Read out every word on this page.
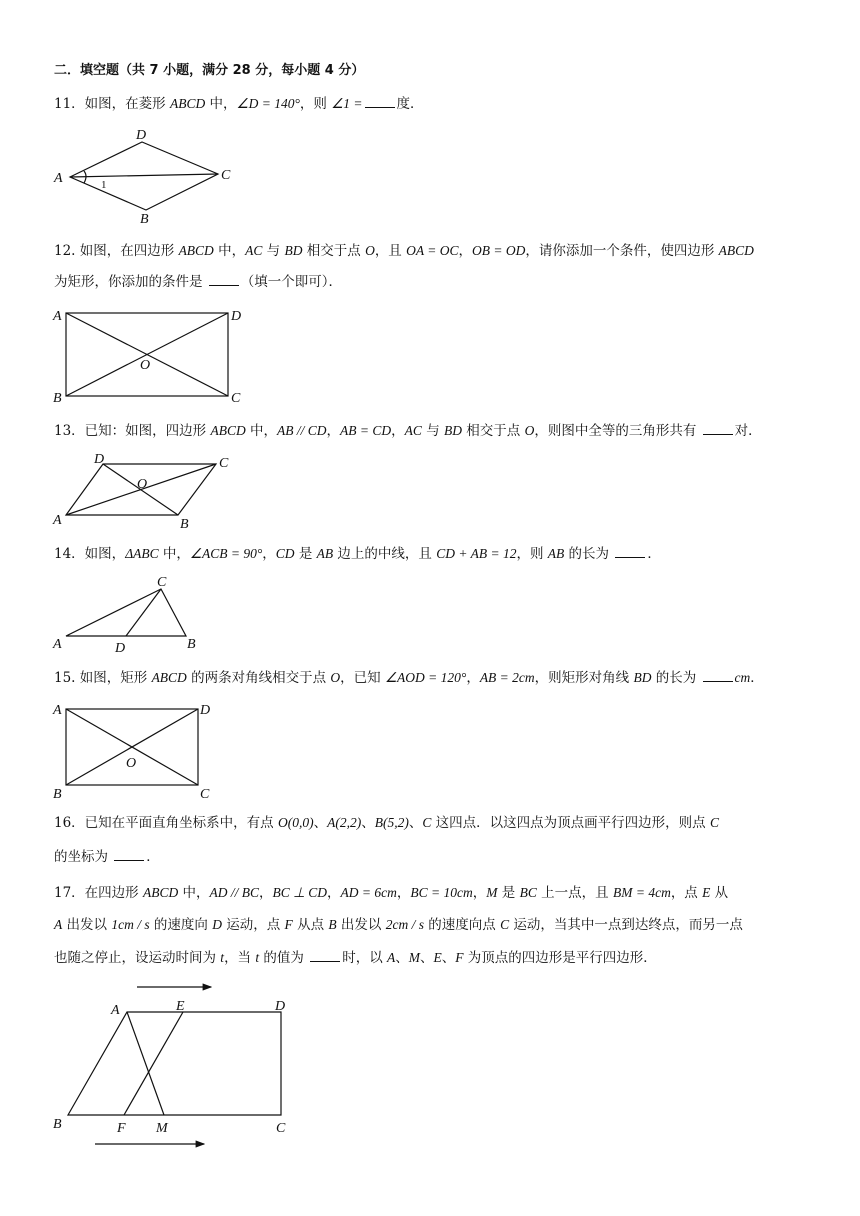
二．填空题（共 7 小题，满分 28 分，每小题 4 分）
11．如图，在菱形 ABCD 中，∠D = 140°，则 ∠1 =	度．
A
D
C
B
1
12. 如图，在四边形 ABCD 中，AC 与 BD 相交于点 O，且 OA = OC，OB = OD，请你添加一个条件，使四边形 ABCD
为矩形，你添加的条件是	（填一个即可）．
A	D
B	C
O
13．已知：如图，四边形 ABCD 中，AB // CD，AB = CD，AC 与 BD 相交于点 O，则图中全等的三角形共有	对．
A	B
C
D
O
14．如图，ΔABC 中，∠ACB = 90°，CD 是 AB 边上的中线，且 CD + AB = 12，则 AB 的长为	．
A	B
C
D
15. 如图，矩形 ABCD 的两条对角线相交于点 O，已知 ∠AOD = 120°，AB = 2cm，则矩形对角线 BD 的长为	cm．
A	D
B	C
O
16．已知在平面直角坐标系中，有点 O(0,0)、A(2,2)、B(5,2)、C 这四点．以这四点为顶点画平行四边形，则点 C
的坐标为	．
17．在四边形 ABCD 中，AD // BC，BC ⊥ CD，AD = 6cm，BC = 10cm，M 是 BC 上一点，且 BM = 4cm，点 E 从
A 出发以 1cm / s 的速度向 D 运动，点 F 从点 B 出发以 2cm / s 的速度向点 C 运动，当其中一点到达终点，而另一点
也随之停止，设运动时间为 t，当 t 的值为	时，以 A、M、E、F 为顶点的四边形是平行四边形．
A	E	D
B	F M	C
